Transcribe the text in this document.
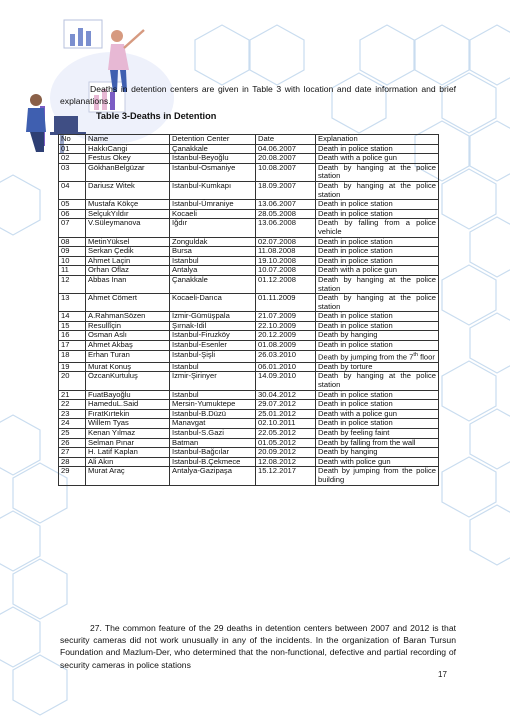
Deaths in detention centers are given in Table 3 with location and date information and brief explanations.

Table 3-Deaths in Detention
No	Name	Detention Center	Date	Explanation
01	HakkıCangi	Çanakkale	04.06.2007	Death in police station
02	Festus Okey	Istanbul-Beyoğlu	20.08.2007	Death with a police gun
03	GökhanBelgüzar	Istanbul-Osmaniye	10.08.2007	Death by hanging at the police station
04	Dariusz Witek	Istanbul-Kumkapı	18.09.2007	Death by hanging at the police station
05	Mustafa Kökçe	Istanbul-Ümraniye	13.06.2007	Death in police station
06	SelçukYıldır	Kocaeli	28.05.2008	Death in police station
07	V.Süleymanova	Iğdır	13.06.2008	Death by falling from a police vehicle
08	MetinYüksel	Zonguldak	02.07.2008	Death in police station
09	Serkan Çedik	Bursa	11.08.2008	Death in police station
10	Ahmet Laçin	Istanbul	19.10.2008	Death in police station
11	Orhan Oflaz	Antalya	10.07.2008	Death with a police gun
12	Abbas İnan	Çanakkale	01.12.2008	Death by hanging at the police station
13	Ahmet Cömert	Kocaeli-Darıca	01.11.2009	Death by hanging at the police station
14	A.RahmanSözen	İzmir-Gümüşpala	21.07.2009	Death in police station
15	Resullîçin	Şırnak-İdil	22.10.2009	Death in police station
16	Osman Aslı	Istanbul-Firuzköy	20.12.2009	Death by hanging
17	Ahmet Akbaş	Istanbul-Esenler	01.08.2009	Death in police station
18	Erhan Turan	Istanbul-Şişli	26.03.2010	Death by jumping from the 7th floor
19	Murat Konuş	Istanbul	06.01.2010	Death by torture
20	ÖzcanKurtuluş	İzmir-Şirinyer	14.09.2010	Death by hanging at the police station
21	FuatBayoğlu	Istanbul	30.04.2012	Death in police station
22	HameduL.Said	Mersin-Yumuktepe	29.07.2012	Death in police station
23	FıratKırtekin	Istanbul-B.Düzü	25.01.2012	Death with a police gun
24	Willem Tyas	Manavgat	02.10.2011	Death in police station
25	Kenan Yılmaz	Istanbul-S.Gazi	22.05.2012	Death by feeling faint
26	Selman Pınar	Batman	01.05.2012	Death by falling from the wall
27	H. Latif Kaplan	Istanbul-Bağcılar	20.09.2012	Death by hanging
28	Ali Akın	Istanbul-B.Çekmece	12.08.2012	Death with police gun
29	Murat Araç	Antalya-Gazipaşa	15.12.2017	Death by jumping from the police building

27. The common feature of the 29 deaths in detention centers between 2007 and 2012 is that security cameras did not work unusually in any of the incidents. In the organization of Baran Tursun Foundation and Mazlum-Der, who determined that the non-functional, defective and partial recording of security cameras in police stations

17
